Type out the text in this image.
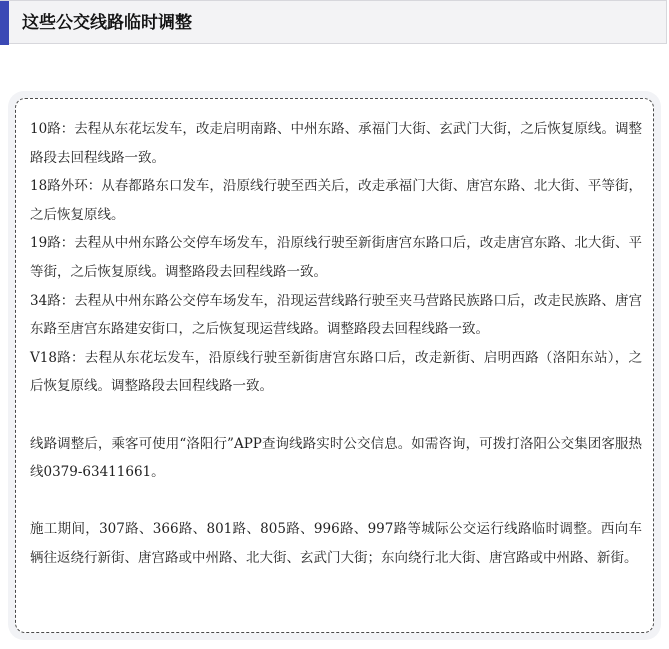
这些公交线路临时调整

10路：去程从东花坛发车，改走启明南路、中州东路、承福门大街、玄武门大街，之后恢复原线。调整路段去回程线路一致。

18路外环：从春都路东口发车，沿原线行驶至西关后，改走承福门大街、唐宫东路、北大街、平等街，之后恢复原线。

19路：去程从中州东路公交停车场发车，沿原线行驶至新街唐宫东路口后，改走唐宫东路、北大街、平等街，之后恢复原线。调整路段去回程线路一致。

34路：去程从中州东路公交停车场发车，沿现运营线路行驶至夹马营路民族路口后，改走民族路、唐宫东路至唐宫东路建安街口，之后恢复现运营线路。调整路段去回程线路一致。

V18路：去程从东花坛发车，沿原线行驶至新街唐宫东路口后，改走新街、启明西路（洛阳东站），之后恢复原线。调整路段去回程线路一致。

线路调整后，乘客可使用“洛阳行”APP查询线路实时公交信息。如需咨询，可拨打洛阳公交集团客服热线0379-63411661。

施工期间，307路、366路、801路、805路、996路、997路等城际公交运行线路临时调整。西向车辆往返绕行新街、唐宫路或中州路、北大街、玄武门大街；东向绕行北大街、唐宫路或中州路、新街。
